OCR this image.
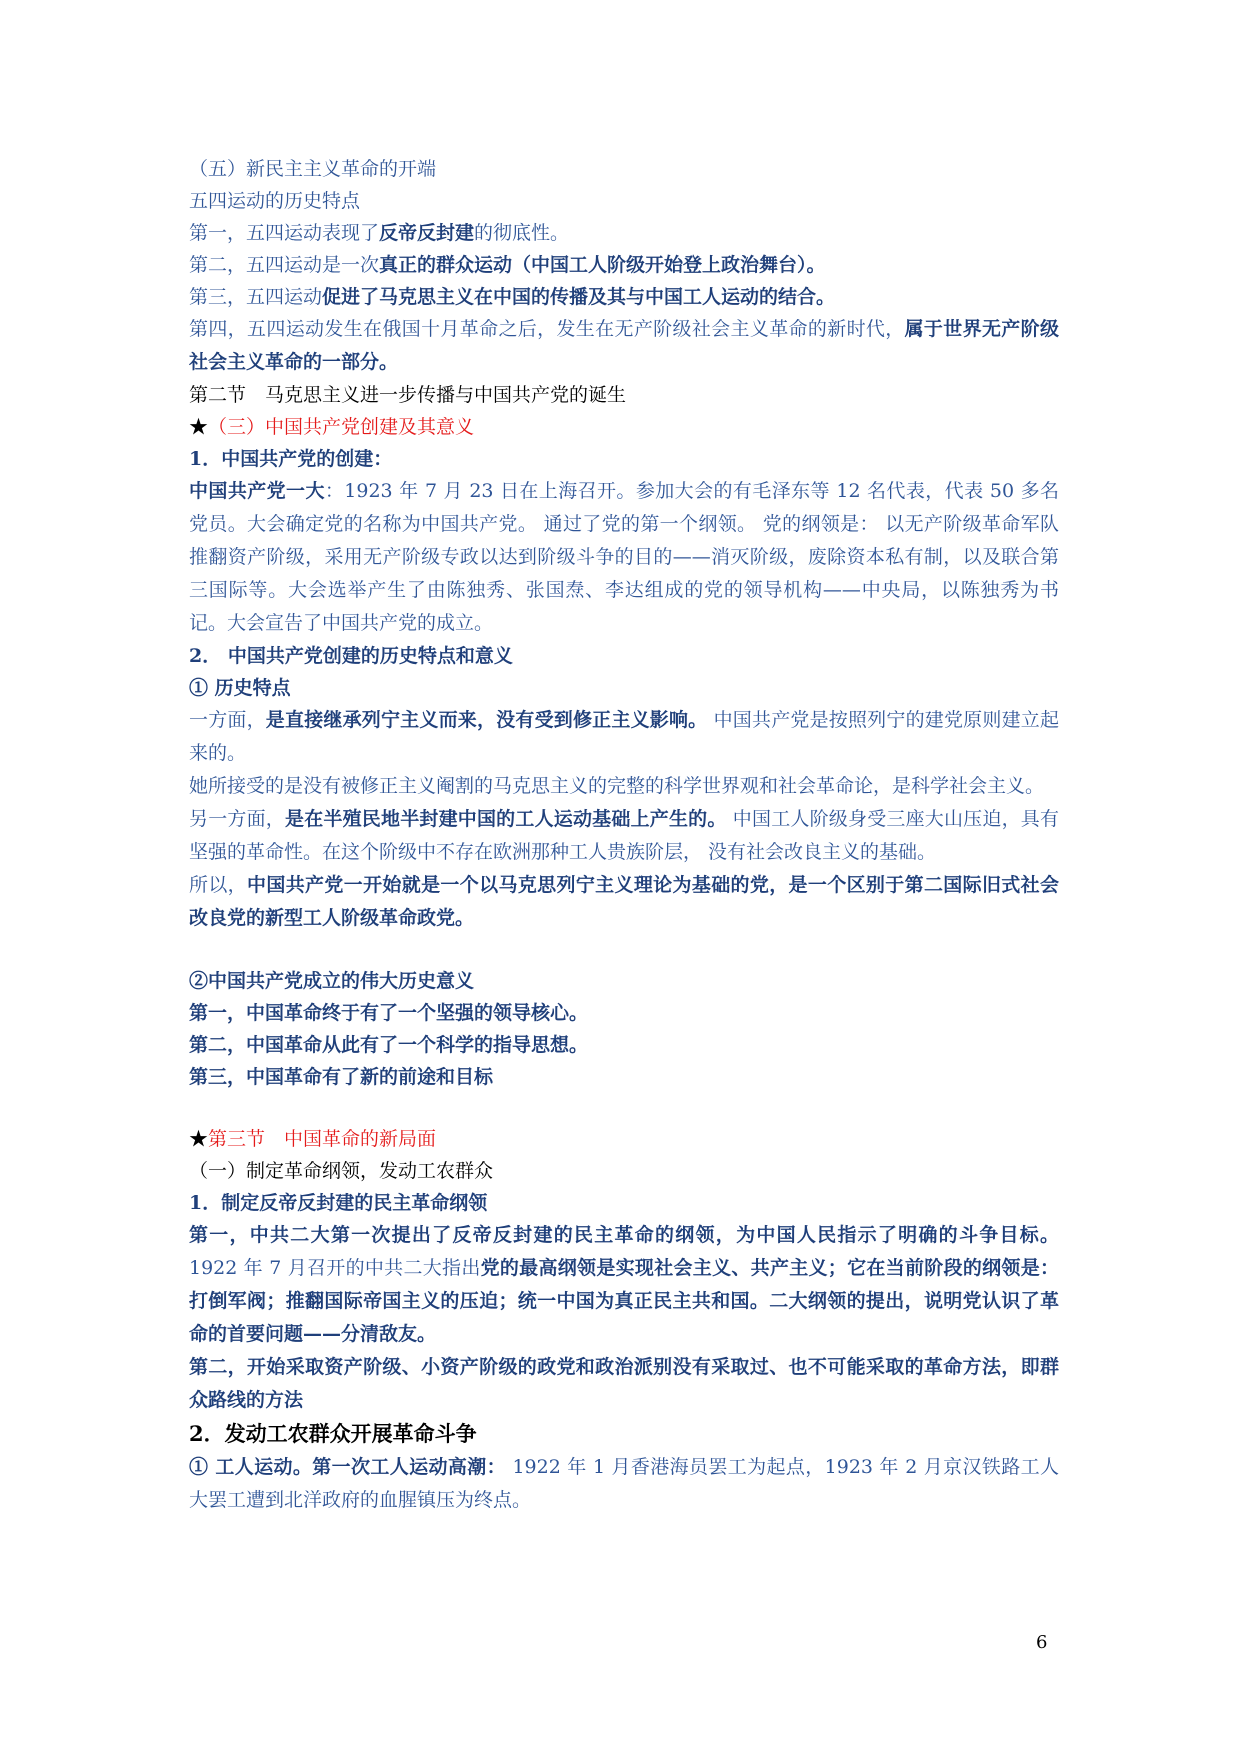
（五）新民主主义革命的开端
五四运动的历史特点
第一，五四运动表现了反帝反封建的彻底性。
第二，五四运动是一次真正的群众运动（中国工人阶级开始登上政治舞台）。
第三，五四运动促进了马克思主义在中国的传播及其与中国工人运动的结合。
第四，五四运动发生在俄国十月革命之后，发生在无产阶级社会主义革命的新时代，属于世界无产阶级社会主义革命的一部分。
第二节　马克思主义进一步传播与中国共产党的诞生
★（三）中国共产党创建及其意义
1．中国共产党的创建：
中国共产党一大：1923 年 7 月 23 日在上海召开。参加大会的有毛泽东等 12 名代表，代表 50 多名党员。大会确定党的名称为中国共产党。 通过了党的第一个纲领。 党的纲领是： 以无产阶级革命军队推翻资产阶级，采用无产阶级专政以达到阶级斗争的目的——消灭阶级，废除资本私有制，以及联合第三国际等。大会选举产生了由陈独秀、张国焘、李达组成的党的领导机构——中央局，以陈独秀为书记。大会宣告了中国共产党的成立。
2． 中国共产党创建的历史特点和意义
① 历史特点
一方面，是直接继承列宁主义而来，没有受到修正主义影响。 中国共产党是按照列宁的建党原则建立起来的。
她所接受的是没有被修正主义阉割的马克思主义的完整的科学世界观和社会革命论，是科学社会主义。
另一方面，是在半殖民地半封建中国的工人运动基础上产生的。 中国工人阶级身受三座大山压迫，具有坚强的革命性。在这个阶级中不存在欧洲那种工人贵族阶层， 没有社会改良主义的基础。
所以，中国共产党一开始就是一个以马克思列宁主义理论为基础的党，是一个区别于第二国际旧式社会改良党的新型工人阶级革命政党。
②中国共产党成立的伟大历史意义
第一，中国革命终于有了一个坚强的领导核心。
第二，中国革命从此有了一个科学的指导思想。
第三，中国革命有了新的前途和目标
★第三节　中国革命的新局面
（一）制定革命纲领，发动工农群众
1．制定反帝反封建的民主革命纲领
第一，中共二大第一次提出了反帝反封建的民主革命的纲领，为中国人民指示了明确的斗争目标。 1922 年 7 月召开的中共二大指出党的最高纲领是实现社会主义、共产主义；它在当前阶段的纲领是：打倒军阀；推翻国际帝国主义的压迫；统一中国为真正民主共和国。二大纲领的提出，说明党认识了革命的首要问题——分清敌友。
第二，开始采取资产阶级、小资产阶级的政党和政治派别没有采取过、也不可能采取的革命方法，即群众路线的方法
2．发动工农群众开展革命斗争
① 工人运动。第一次工人运动高潮： 1922 年 1 月香港海员罢工为起点，1923 年 2 月京汉铁路工人大罢工遭到北洋政府的血腥镇压为终点。
6
